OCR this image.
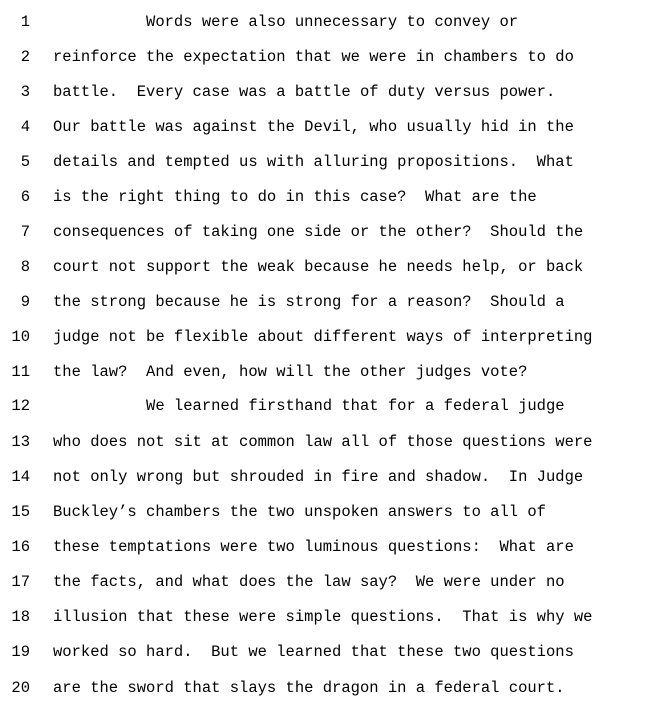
1 Words were also unnecessary to convey or
2 reinforce the expectation that we were in chambers to do
3 battle.  Every case was a battle of duty versus power.
4 Our battle was against the Devil, who usually hid in the
5 details and tempted us with alluring propositions.  What
6 is the right thing to do in this case?  What are the
7 consequences of taking one side or the other?  Should the
8 court not support the weak because he needs help, or back
9 the strong because he is strong for a reason?  Should a
10 judge not be flexible about different ways of interpreting
11 the law?  And even, how will the other judges vote?
12 We learned firsthand that for a federal judge
13 who does not sit at common law all of those questions were
14 not only wrong but shrouded in fire and shadow.  In Judge
15 Buckley’s chambers the two unspoken answers to all of
16 these temptations were two luminous questions:  What are
17 the facts, and what does the law say?  We were under no
18 illusion that these were simple questions.  That is why we
19 worked so hard.  But we learned that these two questions
20 are the sword that slays the dragon in a federal court.
